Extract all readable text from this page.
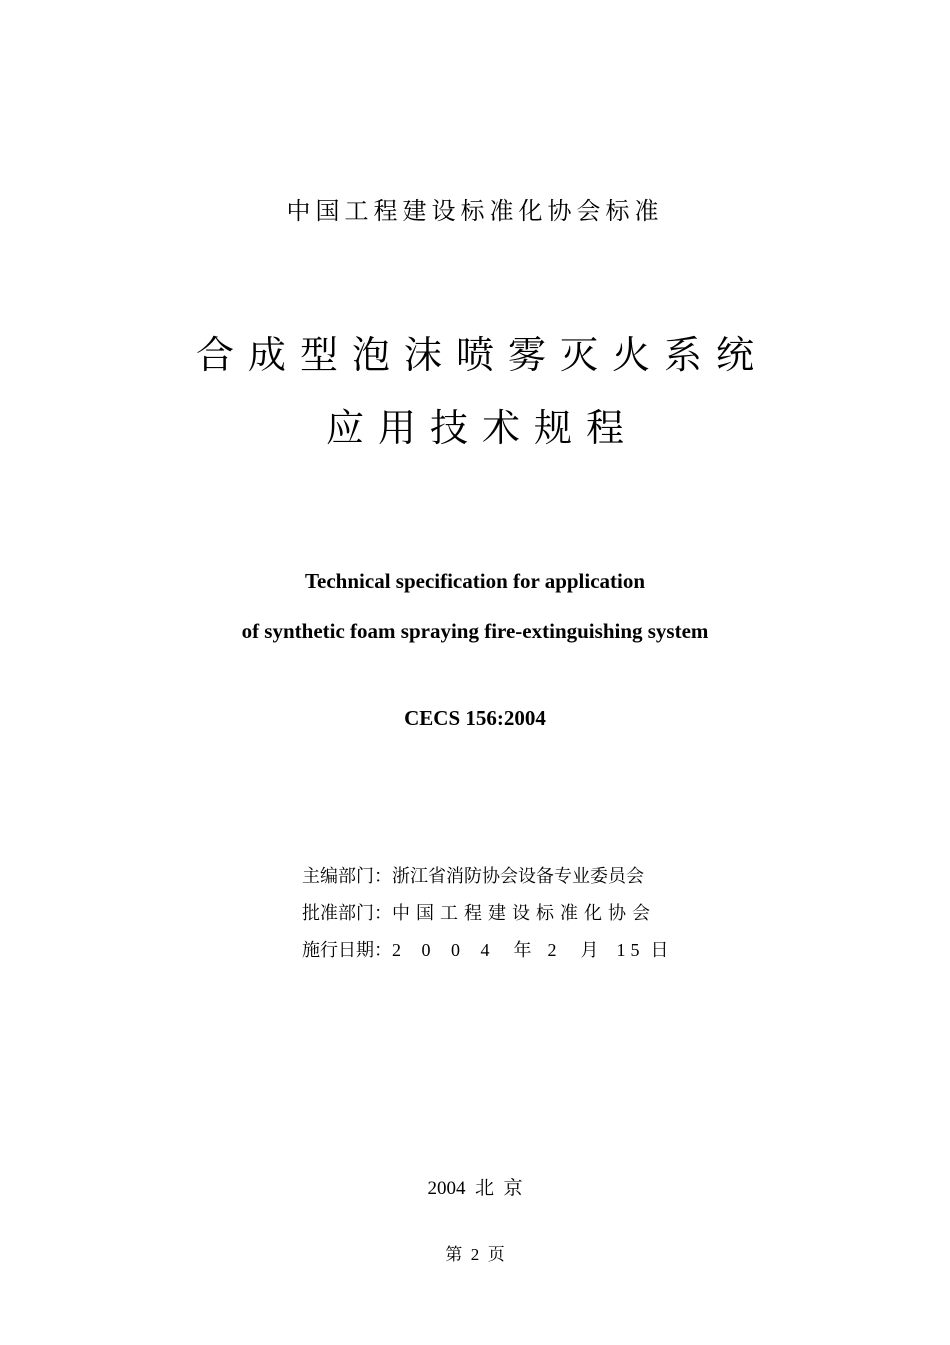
中国工程建设标准化协会标准
合成型泡沫喷雾灭火系统
应用技术规程
Technical specification for application
of synthetic foam spraying fire-extinguishing system
CECS 156:2004
主编部门：浙江省消防协会设备专业委员会
批准部门：中国工程建设标准化协会
施行日期：2 0 0 4 年 2 月 15 日
2004  北  京
第  2  页
